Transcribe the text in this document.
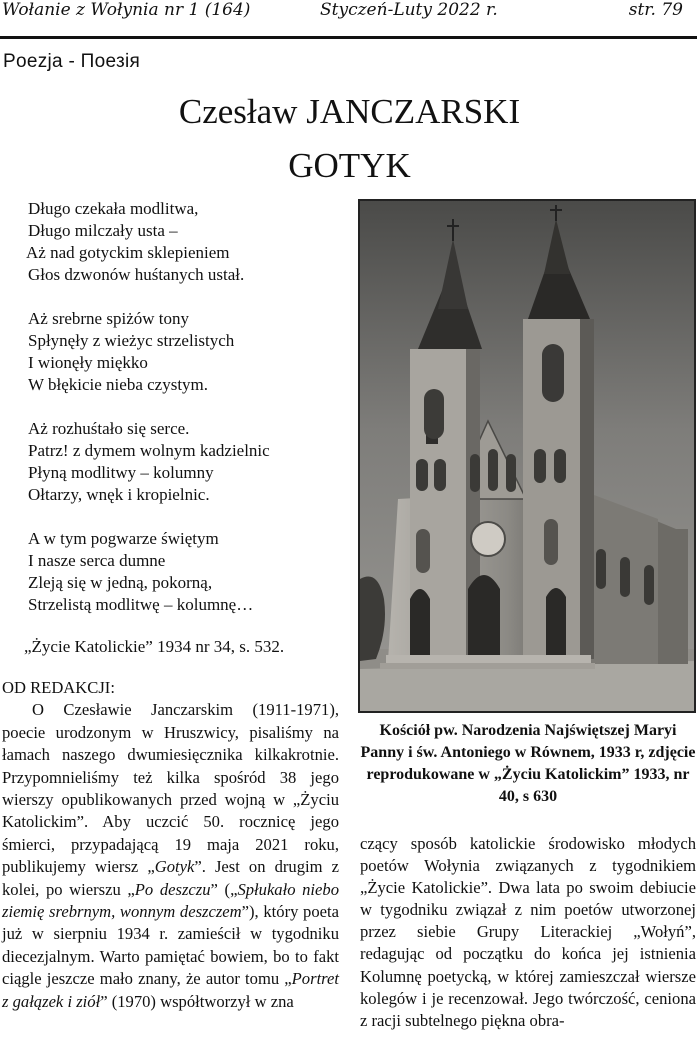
Wołanie z Wołynia nr 1 (164)	Styczeń-Luty 2022 r.	str. 79
Poezja - Поезія
Czesław JANCZARSKI
GOTYK
Długo czekała modlitwa,
Długo milczały usta –
Aż nad gotyckim sklepieniem
Głos dzwonów huśtanych ustał.
Aż srebrne spiżów tony
Spłynęły z wieżyc strzelistych
I wionęły miękko
W błękicie nieba czystym.
Aż rozhuśtało się serce.
Patrz! z dymem wolnym kadzielnic
Płyną modlitwy – kolumny
Ołtarzy, wnęk i kropielnic.
A w tym pogwarze świętym
I nasze serca dumne
Zleją się w jedną, pokorną,
Strzelistą modlitwę – kolumnę…
„Życie Katolickie” 1934 nr 34, s. 532.
Kościół pw. Narodzenia Najświętszej Maryi Panny i św. Antoniego w Równem, 1933 r, zdjęcie reprodukowane w „Życiu Katolickim” 1933, nr 40, s 630
OD REDAKCJI:

O Czesławie Janczarskim (1911-1971), poecie urodzonym w Hruszwicy, pisaliśmy na łamach naszego dwumiesięcznika kilkakrotnie. Przypomnieliśmy też kilka spośród 38 jego wierszy opublikowanych przed wojną w „Życiu Katolickim”. Aby uczcić 50. rocznicę jego śmierci, przypadającą 19 maja 2021 roku, publikujemy wiersz „Gotyk”. Jest on drugim z kolei, po wierszu „Po deszczu” („Spłukało niebo ziemię srebrnym, wonnym deszczem”), który poeta już w sierpniu 1934 r. zamieścił w tygodniku diecezjalnym. Warto pamiętać bowiem, bo to fakt ciągle jeszcze mało znany, że autor tomu „Portret z gałązek i ziół” (1970) współtworzył w zna

czący sposób katolickie środowisko młodych poetów Wołynia związanych z tygodnikiem „Życie Katolickie”. Dwa lata po swoim debiucie w tygodniku związał z nim poetów utworzonej przez siebie Grupy Literackiej „Wołyń”, redagując od początku do końca jej istnienia Kolumnę poetycką, w której zamieszczał wiersze kolegów i je recenzował. Jego twórczość, ceniona z racji subtelnego piękna obra-
